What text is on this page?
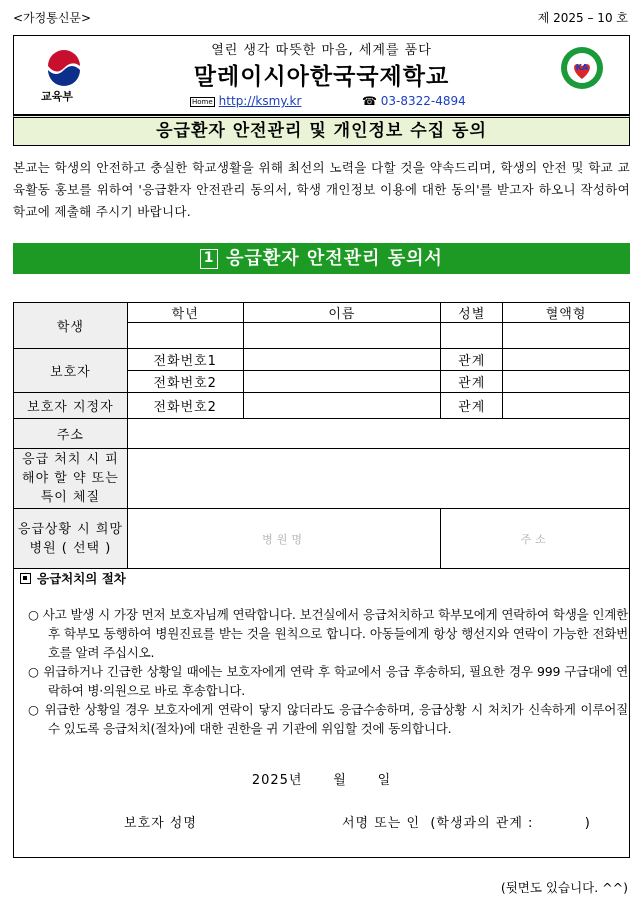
<가정통신문>	제 2025 – 10 호
교육부
열린 생각 따뜻한 마음, 세계를 품다
말레이시아한국국제학교
Home http://ksmy.kr	☎ 03-8322-4894
KA
응급환자 안전관리 및 개인정보 수집 동의
본교는 학생의 안전하고 충실한 학교생활을 위해 최선의 노력을 다할 것을 약속드리며, 학생의 안전 및 학교 교육활동 홍보를 위하여 '응급환자 안전관리 동의서, 학생 개인정보 이용에 대한 동의'를 받고자 하오니 작성하여 학교에 제출해 주시기 바랍니다.
1 응급환자 안전관리 동의서
학생	학년	이름	성별	혈액형

보호자	전화번호1		관계	
	전화번호2		관계	
보호자 지정자	전화번호2		관계	
주소				
응급 처치 시 피해야 할 약 또는 특이 체질				
응급상황 시 희망병원 ( 선택 )	병원명		주소	
응급처치의 절차
○ 사고 발생 시 가장 먼저 보호자님께 연락합니다. 보건실에서 응급처치하고 학부모에게 연락하여 학생을 인계한 후 학부모 동행하여 병원진료를 받는 것을 원칙으로 합니다. 아동들에게 항상 행선지와 연락이 가능한 전화번호를 알려 주십시오.
○ 위급하거나 긴급한 상황일 때에는 보호자에게 연락 후 학교에서 응급 후송하되, 필요한 경우 999 구급대에 연락하여 병·의원으로 바로 후송합니다.
○ 위급한 상황일 경우 보호자에게 연락이 닿지 않더라도 응급수송하며, 응급상황 시 처치가 신속하게 이루어질 수 있도록 응급처치(절차)에 대한 권한을 귀 기관에 위임할 것에 동의합니다.
2025년      월      일
보호자 성명	서명 또는 인  (학생과의 관계 :          )
(뒷면도 있습니다. ^^)
